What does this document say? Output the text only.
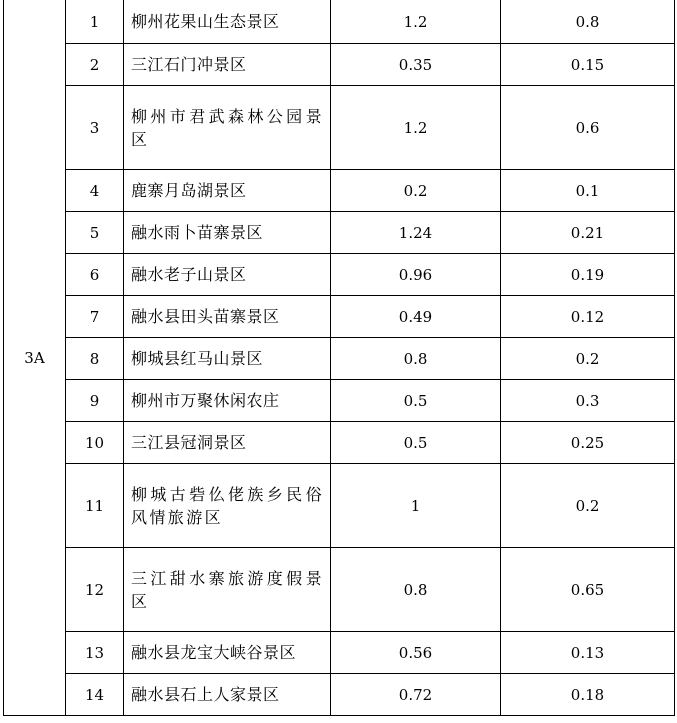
3A	1	柳州花果山生态景区	1.2	0.8
	2	三江石门冲景区	0.35	0.15
	3	柳州市君武森林公园景区	1.2	0.6
	4	鹿寨月岛湖景区	0.2	0.1
	5	融水雨卜苗寨景区	1.24	0.21
	6	融水老子山景区	0.96	0.19
	7	融水县田头苗寨景区	0.49	0.12
	8	柳城县红马山景区	0.8	0.2
	9	柳州市万聚休闲农庄	0.5	0.3
	10	三江县冠洞景区	0.5	0.25
	11	柳城古砦仫佬族乡民俗风情旅游区	1	0.2
	12	三江甜水寨旅游度假景区	0.8	0.65
	13	融水县龙宝大峡谷景区	0.56	0.13
	14	融水县石上人家景区	0.72	0.18
